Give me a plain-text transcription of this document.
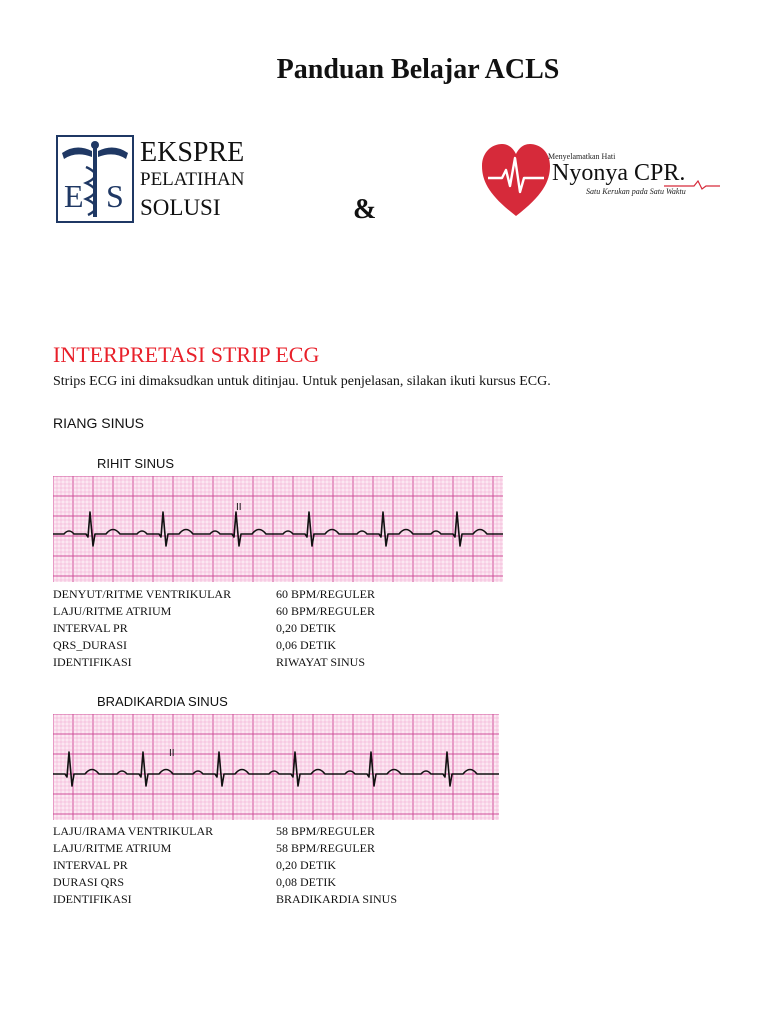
Panduan Belajar ACLS
E S
EKSPRE
PELATIHAN
SOLUSI	&
Menyelamatkan Hati
Nyonya CPR.
Satu Kerukan pada Satu Waktu
INTERPRETASI STRIP ECG
Strips ECG ini dimaksudkan untuk ditinjau. Untuk penjelasan, silakan ikuti kursus ECG.
RIANG SINUS
RIHIT SINUS
II
DENYUT/RITME VENTRIKULAR	60 BPM/REGULER
LAJU/RITME ATRIUM	60 BPM/REGULER
INTERVAL PR	0,20 DETIK
QRS_DURASI	0,06 DETIK
IDENTIFIKASI	RIWAYAT SINUS
BRADIKARDIA SINUS
II
LAJU/IRAMA VENTRIKULAR	58 BPM/REGULER
LAJU/RITME ATRIUM	58 BPM/REGULER
INTERVAL PR	0,20 DETIK
DURASI QRS	0,08 DETIK
IDENTIFIKASI	BRADIKARDIA SINUS
